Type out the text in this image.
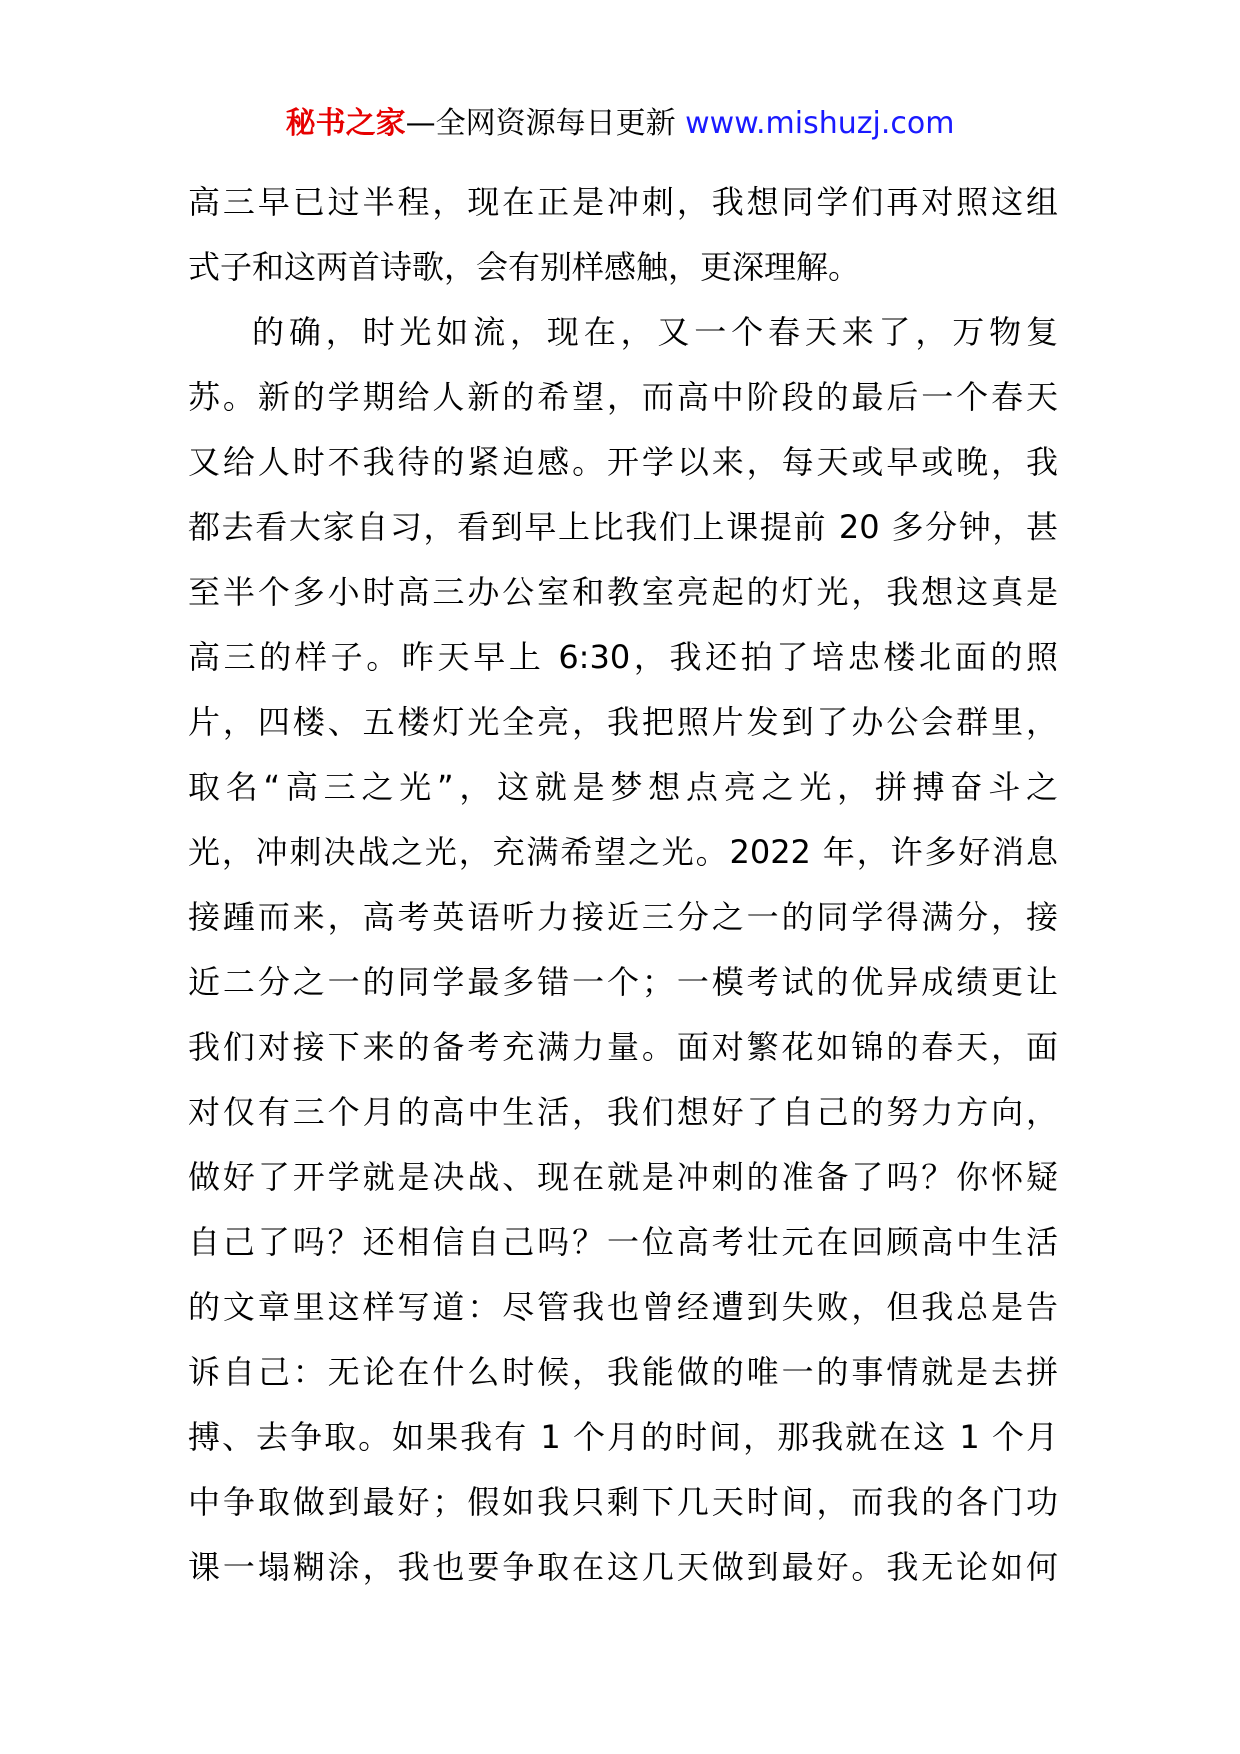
秘书之家—全网资源每日更新 www.mishuzj.com
高三早已过半程，现在正是冲刺，我想同学们再对照这组
式子和这两首诗歌，会有别样感触，更深理解。
的确，时光如流，现在，又一个春天来了，万物复
苏。新的学期给人新的希望，而高中阶段的最后一个春天
又给人时不我待的紧迫感。开学以来，每天或早或晚，我
都去看大家自习，看到早上比我们上课提前 20 多分钟，甚
至半个多小时高三办公室和教室亮起的灯光，我想这真是
高三的样子。昨天早上 6:30，我还拍了培忠楼北面的照
片，四楼、五楼灯光全亮，我把照片发到了办公会群里，
取名“高三之光”，这就是梦想点亮之光，拼搏奋斗之
光，冲刺决战之光，充满希望之光。2022 年，许多好消息
接踵而来，高考英语听力接近三分之一的同学得满分，接
近二分之一的同学最多错一个；一模考试的优异成绩更让
我们对接下来的备考充满力量。面对繁花如锦的春天，面
对仅有三个月的高中生活，我们想好了自己的努力方向，
做好了开学就是决战、现在就是冲刺的准备了吗？你怀疑
自己了吗？还相信自己吗？一位高考壮元在回顾高中生活
的文章里这样写道：尽管我也曾经遭到失败，但我总是告
诉自己：无论在什么时候，我能做的唯一的事情就是去拼
搏、去争取。如果我有 1 个月的时间，那我就在这 1 个月
中争取做到最好；假如我只剩下几天时间，而我的各门功
课一塌糊涂，我也要争取在这几天做到最好。我无论如何
